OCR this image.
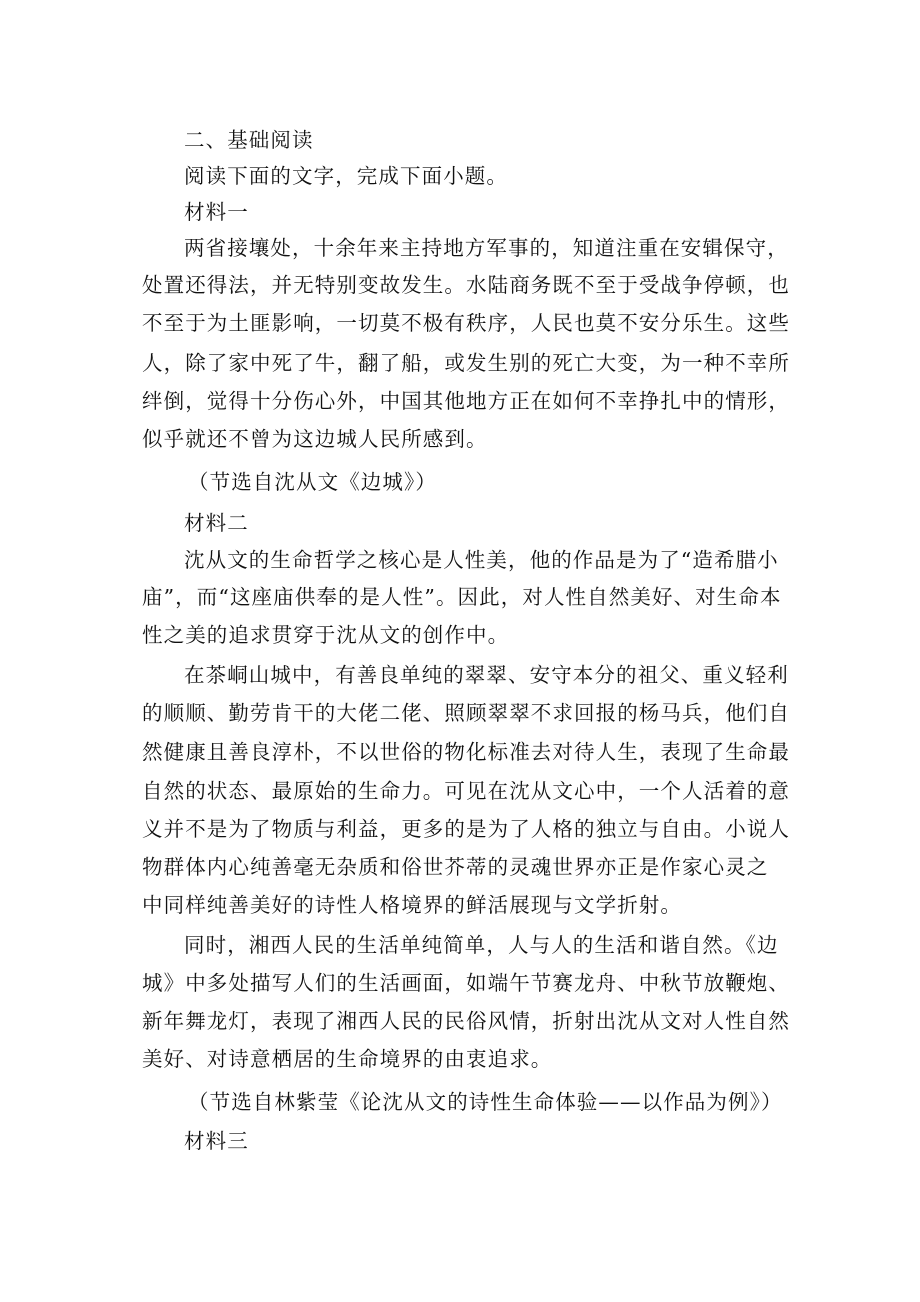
二、基础阅读
阅读下面的文字，完成下面小题。
材料一
两省接壤处，十余年来主持地方军事的，知道注重在安辑保守，
处置还得法，并无特别变故发生。水陆商务既不至于受战争停顿，也
不至于为土匪影响，一切莫不极有秩序，人民也莫不安分乐生。这些
人，除了家中死了牛，翻了船，或发生别的死亡大变，为一种不幸所
绊倒，觉得十分伤心外，中国其他地方正在如何不幸挣扎中的情形，
似乎就还不曾为这边城人民所感到。
（节选自沈从文《边城》）
材料二
沈从文的生命哲学之核心是人性美，他的作品是为了“造希腊小
庙”，而“这座庙供奉的是人性”。因此，对人性自然美好、对生命本
性之美的追求贯穿于沈从文的创作中。
在茶峒山城中，有善良单纯的翠翠、安守本分的祖父、重义轻利
的顺顺、勤劳肯干的大佬二佬、照顾翠翠不求回报的杨马兵，他们自
然健康且善良淳朴，不以世俗的物化标准去对待人生，表现了生命最
自然的状态、最原始的生命力。可见在沈从文心中，一个人活着的意
义并不是为了物质与利益，更多的是为了人格的独立与自由。小说人
物群体内心纯善毫无杂质和俗世芥蒂的灵魂世界亦正是作家心灵之
中同样纯善美好的诗性人格境界的鲜活展现与文学折射。
同时，湘西人民的生活单纯简单，人与人的生活和谐自然。《边
城》中多处描写人们的生活画面，如端午节赛龙舟、中秋节放鞭炮、
新年舞龙灯，表现了湘西人民的民俗风情，折射出沈从文对人性自然
美好、对诗意栖居的生命境界的由衷追求。
（节选自林紫莹《论沈从文的诗性生命体验——以作品为例》）
材料三
